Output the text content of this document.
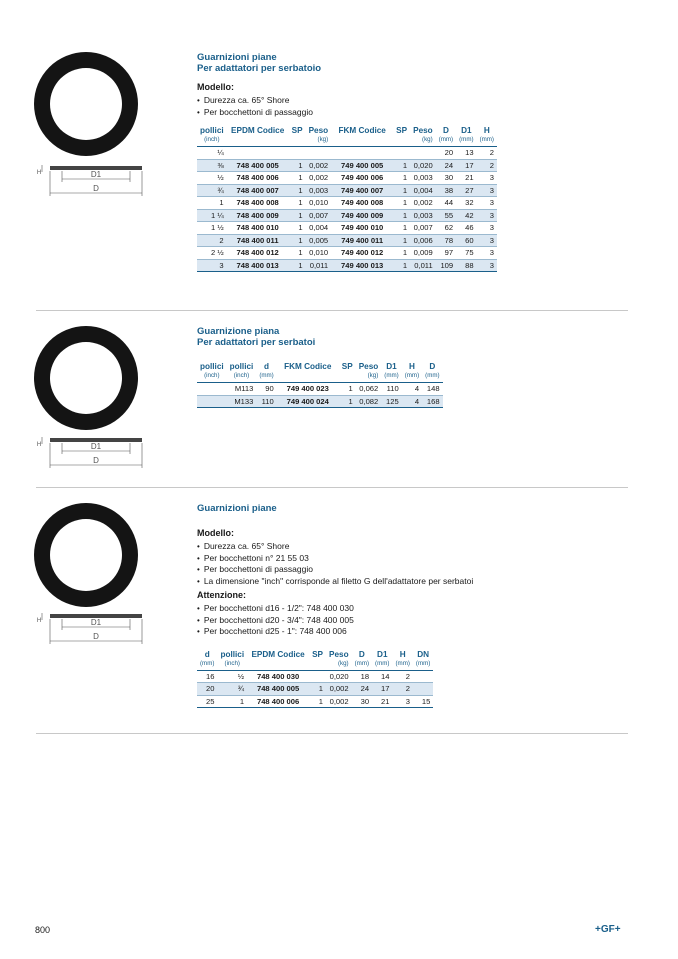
D1
D
H
Guarnizioni piane
Per adattatori per serbatoio
Modello:
• Durezza ca. 65° Shore
• Per bocchettoni di passaggio
pollici	EPDM Codice	SP	Peso	FKM Codice	SP	Peso	D	D1	H
(inch)			(kg)			(kg)	(mm)	(mm)	(mm)
¼							20	13	2
⅜	748 400 005	1	0,002	749 400 005	1	0,020	24	17	2
½	748 400 006	1	0,002	749 400 006	1	0,003	30	21	3
¾	748 400 007	1	0,003	749 400 007	1	0,004	38	27	3
1	748 400 008	1	0,010	749 400 008	1	0,002	44	32	3
1 ¼	748 400 009	1	0,007	749 400 009	1	0,003	55	42	3
1 ½	748 400 010	1	0,004	749 400 010	1	0,007	62	46	3
2	748 400 011	1	0,005	749 400 011	1	0,006	78	60	3
2 ½	748 400 012	1	0,010	749 400 012	1	0,009	97	75	3
3	748 400 013	1	0,011	749 400 013	1	0,011	109	88	3
D1
D
H
Guarnizione piana
Per adattatori per serbatoi
pollici	pollici	d	FKM Codice	SP	Peso	D1	H	D
(inch)	(inch)	(mm)			(kg)	(mm)	(mm)	(mm)
	M113	90	749 400 023	1	0,062	110	4	148
	M133	110	749 400 024	1	0,082	125	4	168
D1
D
H
Guarnizioni piane
Modello:
• Durezza ca. 65° Shore
• Per bocchettoni n° 21 55 03
• Per bocchettoni di passaggio
• La dimensione "inch" corrisponde al filetto G dell'adattatore per serbatoi
Attenzione:
• Per bocchettoni d16 - 1/2": 748 400 030
• Per bocchettoni d20 - 3/4": 748 400 005
• Per bocchettoni d25 - 1": 748 400 006
d	pollici	EPDM Codice	SP	Peso	D	D1	H	DN
(mm)	(inch)			(kg)	(mm)	(mm)	(mm)	(mm)
16	½	748 400 030		0,020	18	14	2	
20	¾	748 400 005	1	0,002	24	17	2	
25	1	748 400 006	1	0,002	30	21	3	15
800	+GF+
